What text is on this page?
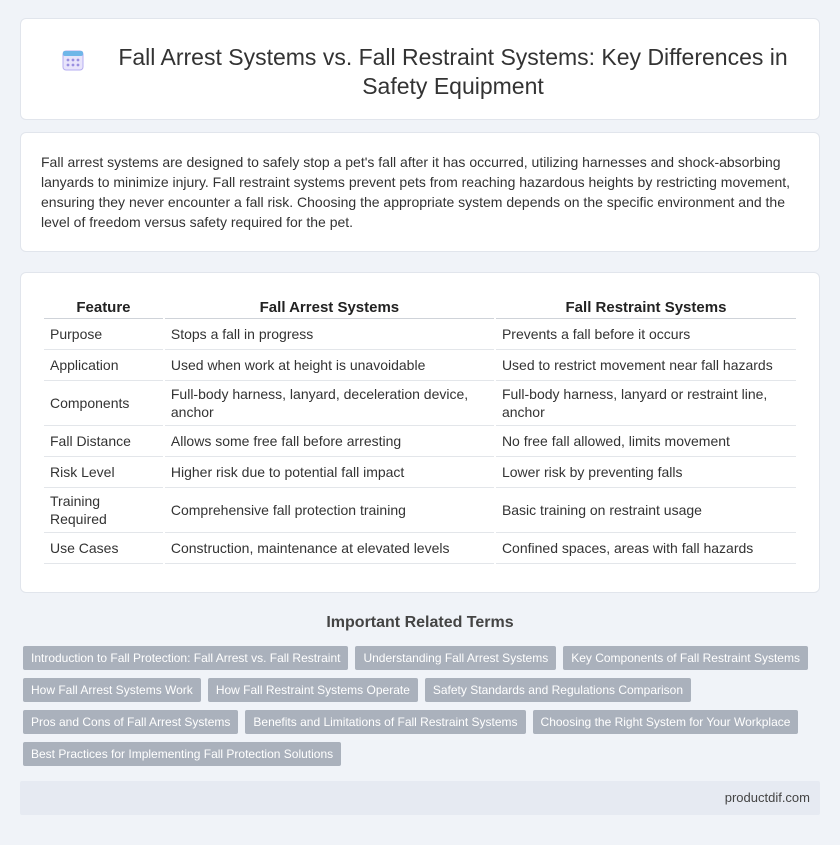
Fall Arrest Systems vs. Fall Restraint Systems: Key Differences in Safety Equipment

Fall arrest systems are designed to safely stop a pet's fall after it has occurred, utilizing harnesses and shock-absorbing lanyards to minimize injury. Fall restraint systems prevent pets from reaching hazardous heights by restricting movement, ensuring they never encounter a fall risk. Choosing the appropriate system depends on the specific environment and the level of freedom versus safety required for the pet.

Feature	Fall Arrest Systems	Fall Restraint Systems
Purpose	Stops a fall in progress	Prevents a fall before it occurs
Application	Used when work at height is unavoidable	Used to restrict movement near fall hazards
Components	Full-body harness, lanyard, deceleration device, anchor	Full-body harness, lanyard or restraint line, anchor
Fall Distance	Allows some free fall before arresting	No free fall allowed, limits movement
Risk Level	Higher risk due to potential fall impact	Lower risk by preventing falls
Training Required	Comprehensive fall protection training	Basic training on restraint usage
Use Cases	Construction, maintenance at elevated levels	Confined spaces, areas with fall hazards
Important Related Terms
Introduction to Fall Protection: Fall Arrest vs. Fall Restraint	Understanding Fall Arrest Systems	Key Components of Fall Restraint Systems
How Fall Arrest Systems Work	How Fall Restraint Systems Operate	Safety Standards and Regulations Comparison
Pros and Cons of Fall Arrest Systems	Benefits and Limitations of Fall Restraint Systems	Choosing the Right System for Your Workplace
Best Practices for Implementing Fall Protection Solutions
productdif.com
